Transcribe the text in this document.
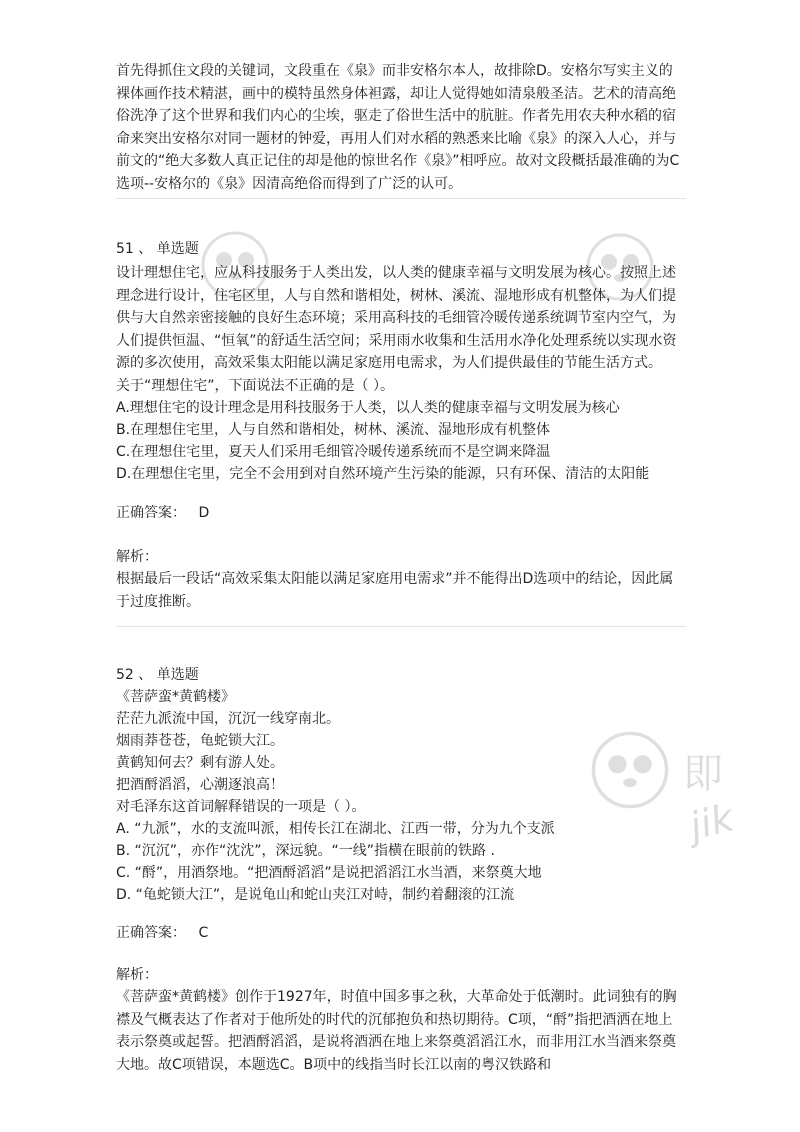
即
jik
首先得抓住文段的关键词，文段重在《泉》而非安格尔本人，故排除D。安格尔写实主义的裸体画作技术精湛，画中的模特虽然身体袒露，却让人觉得她如清泉般圣洁。艺术的清高绝俗洗净了这个世界和我们内心的尘埃，驱走了俗世生活中的肮脏。作者先用农夫种水稻的宿命来突出安格尔对同一题材的钟爱，再用人们对水稻的熟悉来比喻《泉》的深入人心，并与前文的“绝大多数人真正记住的却是他的惊世名作《泉》”相呼应。故对文段概括最准确的为C选项--安格尔的《泉》因清高绝俗而得到了广泛的认可。
51 、 单选题
设计理想住宅，应从科技服务于人类出发，以人类的健康幸福与文明发展为核心。按照上述理念进行设计，住宅区里，人与自然和谐相处，树林、溪流、湿地形成有机整体，为人们提供与大自然亲密接触的良好生态环境；采用高科技的毛细管冷暖传递系统调节室内空气，为人们提供恒温、“恒氧”的舒适生活空间；采用雨水收集和生活用水净化处理系统以实现水资源的多次使用，高效采集太阳能以满足家庭用电需求，为人们提供最佳的节能生活方式。
关于“理想住宅”，下面说法不正确的是（ ）。
A.理想住宅的设计理念是用科技服务于人类，以人类的健康幸福与文明发展为核心
B.在理想住宅里，人与自然和谐相处，树林、溪流、湿地形成有机整体
C.在理想住宅里，夏天人们采用毛细管冷暖传递系统而不是空调来降温
D.在理想住宅里，完全不会用到对自然环境产生污染的能源，只有环保、清洁的太阳能
正确答案： D
解析：
根据最后一段话“高效采集太阳能以满足家庭用电需求”并不能得出D选项中的结论，因此属于过度推断。
52 、 单选题
《菩萨蛮*黄鹤楼》
茫茫九派流中国，沉沉一线穿南北。
烟雨莽苍苍，龟蛇锁大江。
黄鹤知何去？剩有游人处。
把酒酹滔滔，心潮逐浪高！
对毛泽东这首词解释错误的一项是（ ）。
A. “九派”，水的支流叫派，相传长江在湖北、江西一带，分为九个支派
B. “沉沉”，亦作“沈沈”，深远貌。“一线”指横在眼前的铁路 .
C. “酹”，用酒祭地。“把酒酹滔滔”是说把滔滔江水当酒，来祭奠大地
D. “龟蛇锁大江”，是说龟山和蛇山夹江对峙，制约着翻滚的江流
正确答案： C
解析：
《菩萨蛮*黄鹤楼》创作于1927年，时值中国多事之秋，大革命处于低潮时。此词独有的胸襟及气概表达了作者对于他所处的时代的沉郁抱负和热切期待。C项，“酹”指把酒洒在地上表示祭奠或起誓。把酒酹滔滔，是说将酒洒在地上来祭奠滔滔江水，而非用江水当酒来祭奠大地。故C项错误，本题选C。B项中的线指当时长江以南的粤汉铁路和
